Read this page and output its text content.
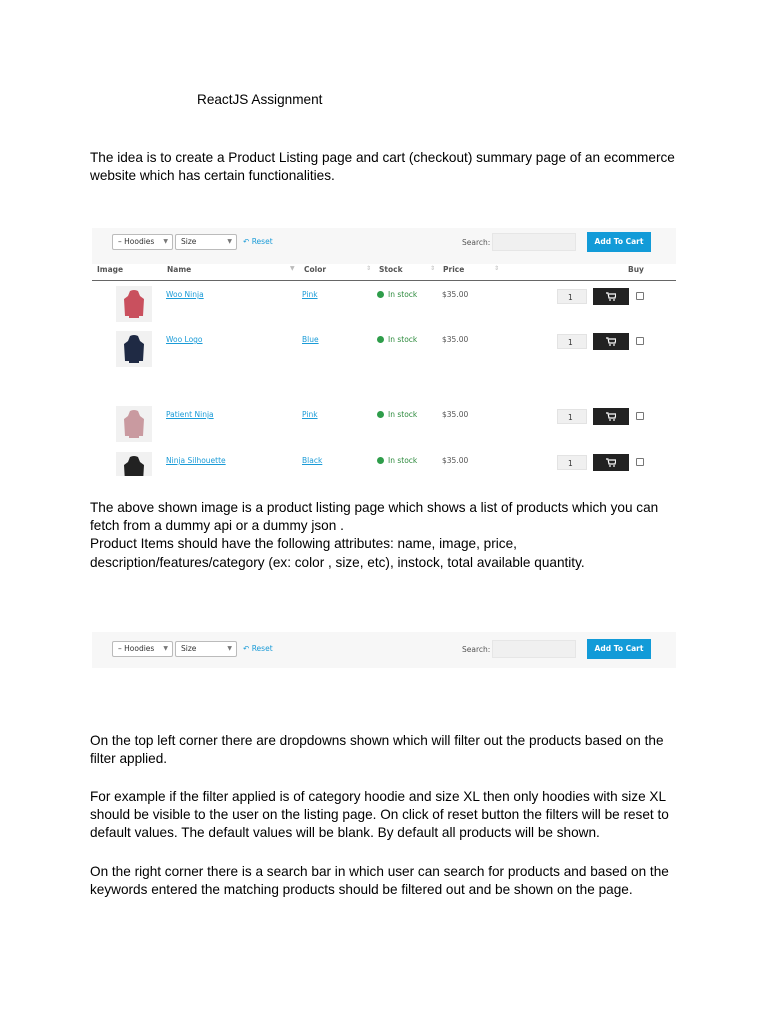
ReactJS Assignment

The idea is to create a Product Listing page and cart (checkout) summary page of an ecommerce website which has certain functionalities.

– Hoodies ▼	Size	▼ ↶ Reset	Search:	Add To Cart
Image	Name	▼ Color	⇕ Stock	⇕ Price	⇕	Buy
Woo Ninja	Pink	In stock	$35.00	1
Woo Logo	Blue	In stock	$35.00	1
Patient Ninja	Pink	In stock	$35.00	1
Ninja Silhouette	Black	In stock	$35.00	1

The above shown image is a product listing page which shows a list of products which you can fetch from a dummy api or a dummy json .
Product Items should have the following attributes: name, image, price, description/features/category (ex: color , size, etc), instock, total available quantity.

– Hoodies ▼	Size	▼ ↶ Reset	Search:	Add To Cart

On the top left corner there are dropdowns shown which will filter out the products based on the filter applied.

For example if the filter applied is of category hoodie and size XL then only hoodies with size XL should be visible to the user on the listing page. On click of reset button the filters will be reset to default values. The default values will be blank. By default all products will be shown.

On the right corner there is a search bar in which user can search for products and based on the keywords entered the matching products should be filtered out and be shown on the page.
